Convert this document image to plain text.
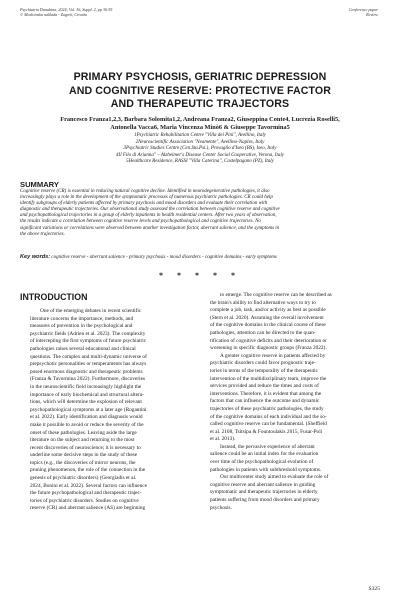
Psychiatria Danubina, 2024; Vol. 36, Suppl. 2, pp 36-55
© Medicinska naklada - Zagreb, Croatia
Conference paper
Review
PRIMARY PSYCHOSIS, GERIATRIC DEPRESSION
AND COGNITIVE RESERVE: PROTECTIVE FACTOR
AND THERAPEUTIC TRAJECTORS
Francesco Franza1,2,3, Barbara Solomita1,2, Andreana Franza2, Giuseppina Conte4, Lucrezia Roselli5,
Antonella Vacca6, Maria Vincenza Minò6 & Giuseppe Tavormina5
1Psychiatric Rehabilitation Centre "Villa dei Pini", Avellino, Italy
2Neuroscientific Association "Neamente", Avellino-Naples, Italy
3Psychiatric Studies Centre (Cen.Stu.Psi.), Provaglio d'Iseo (BS), Iseo, Italy
4Il Filo di Arianna" – Alzheimer's Disease Center Social Cooperative, Verona, Italy
5Healthcare Residence, RASSI "Villa Caterina", Castelpagano (PZ), Italy
SUMMARY
Cognitive reserve (CR) is essential in reducing natural cognitive decline. Identified in neurodegenerative pathologies, it also
increasingly plays a role in the development of the symptomatic processes of numerous psychiatric pathologies. CR could help
identify subgroups of elderly patients affected by primary psychosis and mood disorders and evaluate their correlation with
diagnostic and therapeutic trajectories. Our observational study assessed the correlation between cognitive reserve and cognitive
and psychopathological trajectories in a group of elderly inpatients in health residential centers. After two years of observation,
the results indicate a correlation between cognitive reserve levels and psychopathological and cognitive trajectories. No
significant variations or correlations were observed between another investigation factor, aberrant salience, and the symptoms in
the above trajectories.
Key words: cognitive reserve - aberrant salience - primary psychosis - mood disorders - cognitive domains - early symptoms
* * * * *
INTRODUCTION
One of the emerging debates in recent scientific
literature concerns the importance, methods, and
measures of prevention in the psychological and
psychiatric fields (Adrien et al. 2023). The complexity
of intercepting the first symptoms of future psychiatric
pathologies raises several educational and clinical
questions. The complex and multi-dynamic universe of
prepsychotic personalities or temperaments has always
posed enormous diagnostic and therapeutic problems
(Franza & Tavormina 2022). Furthermore, discoveries
in the neuroscientific field increasingly highlight the
importance of early biochemical and structural altera-
tions, which will determine the explosion of relevant
psychopathological symptoms at a later age (Rogantini
et al. 2022). Early identification and diagnosis would
make it possible to avoid or reduce the severity of the
onset of these pathologies. Leaving aside the large
literature on the subject and returning to the most
recent discoveries of neuroscience; it is necessary to
underline some decisive steps in the study of these
topics (e.g., the discoveries of mirror neurons, the
pruning phenomenon, the role of the connection in the
genesis of psychiatric disorders) (Georgiadis et al.
2024, Bonini et al. 2022). Several factors can influence
the future psychopathological and therapeutic trajec-
tories of psychiatric disorders. Studies on cognitive
reserve (CR) and aberrant salience (AS) are beginning
to emerge. The cognitive reserve can be described as
the brain's ability to find alternative ways to try to
complete a job, task, and/or activity as best as possible
(Stern et al. 2020). Assuming the overall involvement
of the cognitive domains in the clinical course of these
pathologies, attention can be directed to the quan-
tification of cognitive deficits and their deterioration or
worsening in specific diagnostic groups (Franza 2022).
A greater cognitive reserve in patients affected by
psychiatric disorders could favor prognostic traje-
tories in terms of the temporality of the therapeutic
intervention of the multidisciplinary team, improve the
services provided and reduce the times and costs of
interventions. Therefore, it is evident that among the
factors that can influence the outcome and dynamic
trajectories of these psychiatric pathologies, the study
of the cognitive domains of each individual and the so-
called cognitive reserve can be fundamental. (Sheffield
et al. 2108, Tsitsipa & Fountoulakis 2015, Fusar-Poli
et al. 2013).
Instead, the pervasive experience of aberrant
salience could be an initial index for the evaluation
over time of the psychopathological evolution of
pathologies in patients with subthreshold symptoms.
Our multicenter study aimed to evaluate the role of
cognitive reserve and aberrant salience in guiding
symptomatic and therapeutic trajectories in elderly
patients suffering from mood disorders and primary
psychosis.
S325
